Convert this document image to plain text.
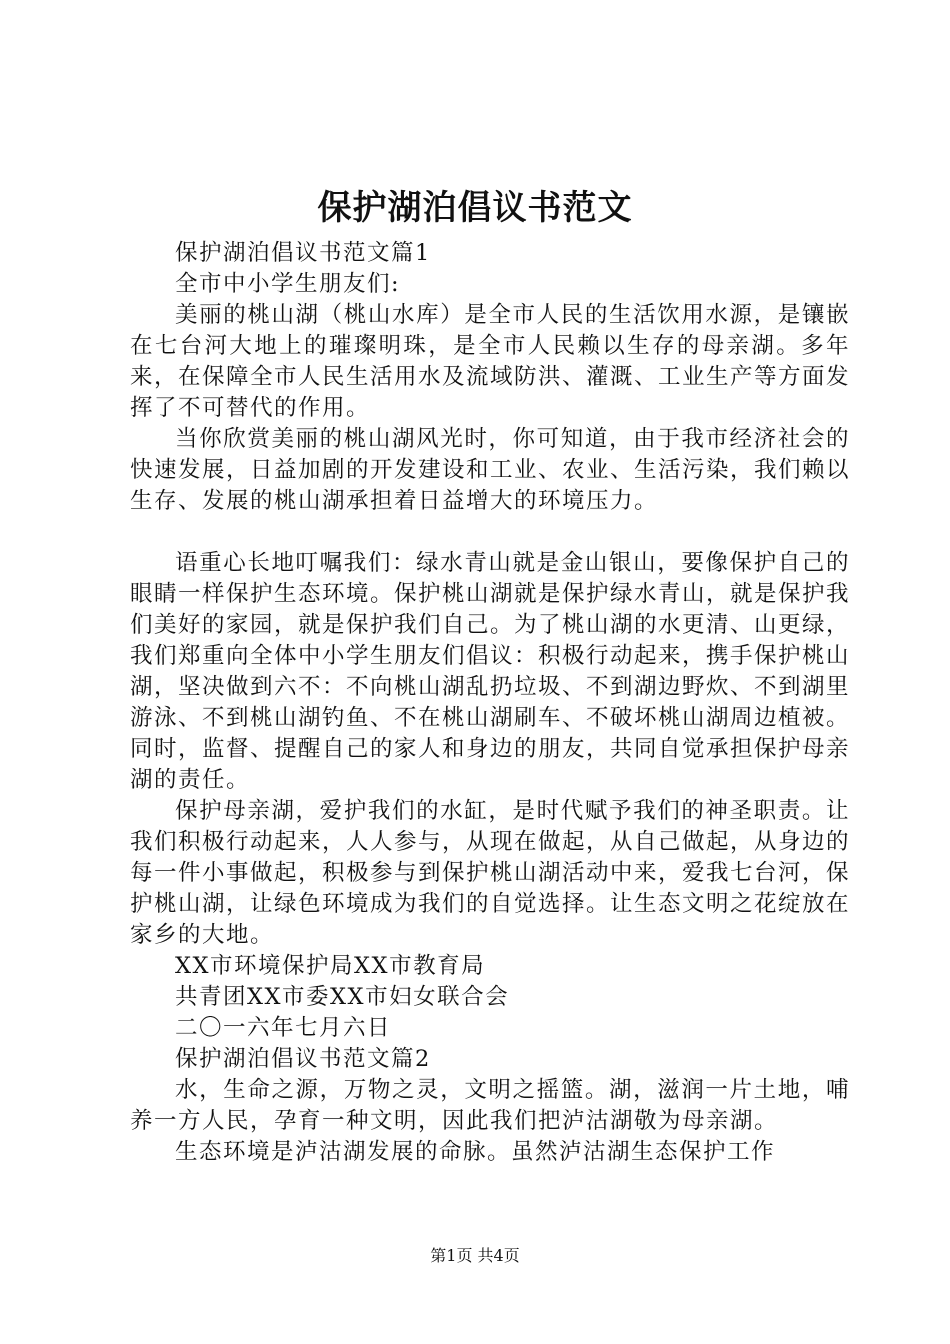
保护湖泊倡议书范文

保护湖泊倡议书范文篇1

全市中小学生朋友们:

美丽的桃山湖（桃山水库）是全市人民的生活饮用水源，是镶嵌在七台河大地上的璀璨明珠，是全市人民赖以生存的母亲湖。多年来，在保障全市人民生活用水及流域防洪、灌溉、工业生产等方面发挥了不可替代的作用。

当你欣赏美丽的桃山湖风光时，你可知道，由于我市经济社会的快速发展，日益加剧的开发建设和工业、农业、生活污染，我们赖以生存、发展的桃山湖承担着日益增大的环境压力。

语重心长地叮嘱我们：绿水青山就是金山银山，要像保护自己的眼睛一样保护生态环境。保护桃山湖就是保护绿水青山，就是保护我们美好的家园，就是保护我们自己。为了桃山湖的水更清、山更绿，我们郑重向全体中小学生朋友们倡议：积极行动起来，携手保护桃山湖，坚决做到六不：不向桃山湖乱扔垃圾、不到湖边野炊、不到湖里游泳、不到桃山湖钓鱼、不在桃山湖刷车、不破坏桃山湖周边植被。同时，监督、提醒自己的家人和身边的朋友，共同自觉承担保护母亲湖的责任。

保护母亲湖，爱护我们的水缸，是时代赋予我们的神圣职责。让我们积极行动起来，人人参与，从现在做起，从自己做起，从身边的每一件小事做起，积极参与到保护桃山湖活动中来，爱我七台河，保护桃山湖，让绿色环境成为我们的自觉选择。让生态文明之花绽放在家乡的大地。

XX市环境保护局XX市教育局

共青团XX市委XX市妇女联合会

二〇一六年七月六日

保护湖泊倡议书范文篇2

水，生命之源，万物之灵，文明之摇篮。湖，滋润一片土地，哺养一方人民，孕育一种文明，因此我们把泸沽湖敬为母亲湖。

生态环境是泸沽湖发展的命脉。虽然泸沽湖生态保护工作

第1页 共4页
